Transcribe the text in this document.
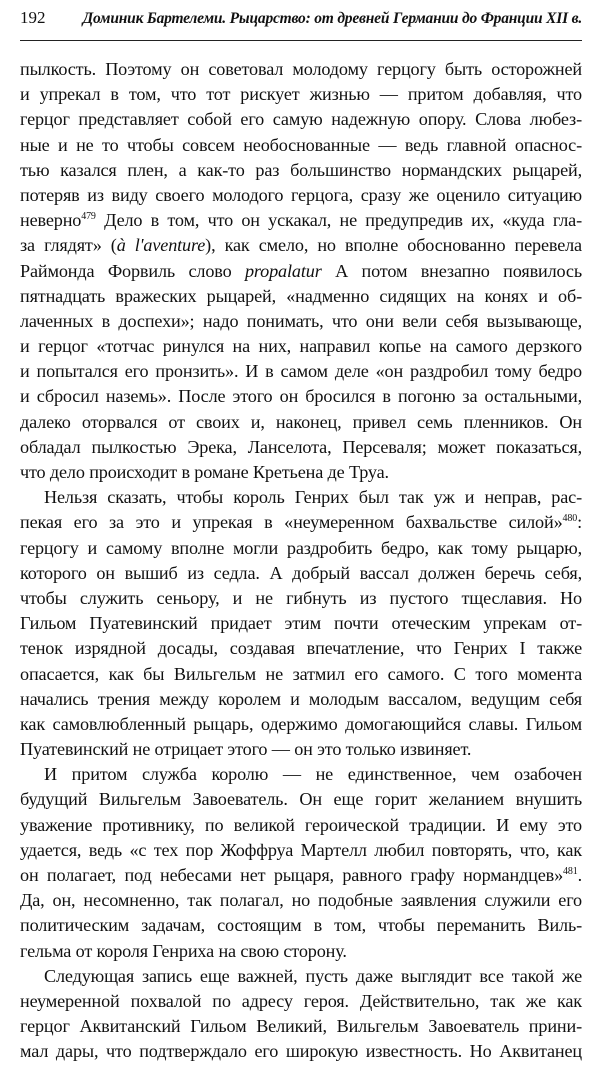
192	Доминик Бартелеми. Рыцарство: от древней Германии до Франции XII в.
пылкость. Поэтому он советовал молодому герцогу быть осторожней
и упрекал в том, что тот рискует жизнью — притом добавляя, что
герцог представляет собой его самую надежную опору. Слова любез-
ные и не то чтобы совсем необоснованные — ведь главной опаснос-
тью казался плен, а как-то раз большинство нормандских рыцарей,
потеряв из виду своего молодого герцога, сразу же оценило ситуацию
неверно$^{479}$ Дело в том, что он ускакал, не предупредив их, «куда гла-
за глядят» (à l'aventure), как смело, но вполне обоснованно перевела
Раймонда Форвиль слово propalatur А потом внезапно появилось
пятнадцать вражеских рыцарей, «надменно сидящих на конях и об-
лаченных в доспехи»; надо понимать, что они вели себя вызывающе,
и герцог «тотчас ринулся на них, направил копье на самого дерзкого
и попытался его пронзить». И в самом деле «он раздробил тому бедро
и сбросил наземь». После этого он бросился в погоню за остальными,
далеко оторвался от своих и, наконец, привел семь пленников. Он
обладал пылкостью Эрека, Ланселота, Персеваля; может показаться,
что дело происходит в романе Кретьена де Труа.
Нельзя сказать, чтобы король Генрих был так уж и неправ, рас-
пекая его за это и упрекая в «неумеренном бахвальстве силой»$^{480}$:
герцогу и самому вполне могли раздробить бедро, как тому рыцарю,
которого он вышиб из седла. А добрый вассал должен беречь себя,
чтобы служить сеньору, и не гибнуть из пустого тщеславия. Но
Гильом Пуатевинский придает этим почти отеческим упрекам от-
тенок изрядной досады, создавая впечатление, что Генрих I также
опасается, как бы Вильгельм не затмил его самого. С того момента
начались трения между королем и молодым вассалом, ведущим себя
как самовлюбленный рыцарь, одержимо домогающийся славы. Гильом
Пуатевинский не отрицает этого — он это только извиняет.
И притом служба королю — не единственное, чем озабочен
будущий Вильгельм Завоеватель. Он еще горит желанием внушить
уважение противнику, по великой героической традиции. И ему это
удается, ведь «с тех пор Жоффруа Мартелл любил повторять, что, как
он полагает, под небесами нет рыцаря, равного графу нормандцев»$^{481}$.
Да, он, несомненно, так полагал, но подобные заявления служили его
политическим задачам, состоящим в том, чтобы переманить Виль-
гельма от короля Генриха на свою сторону.
Следующая запись еще важней, пусть даже выглядит все такой же
неумеренной похвалой по адресу героя. Действительно, так же как
герцог Аквитанский Гильом Великий, Вильгельм Завоеватель прини-
мал дары, что подтверждало его широкую известность. Но Аквитанец
